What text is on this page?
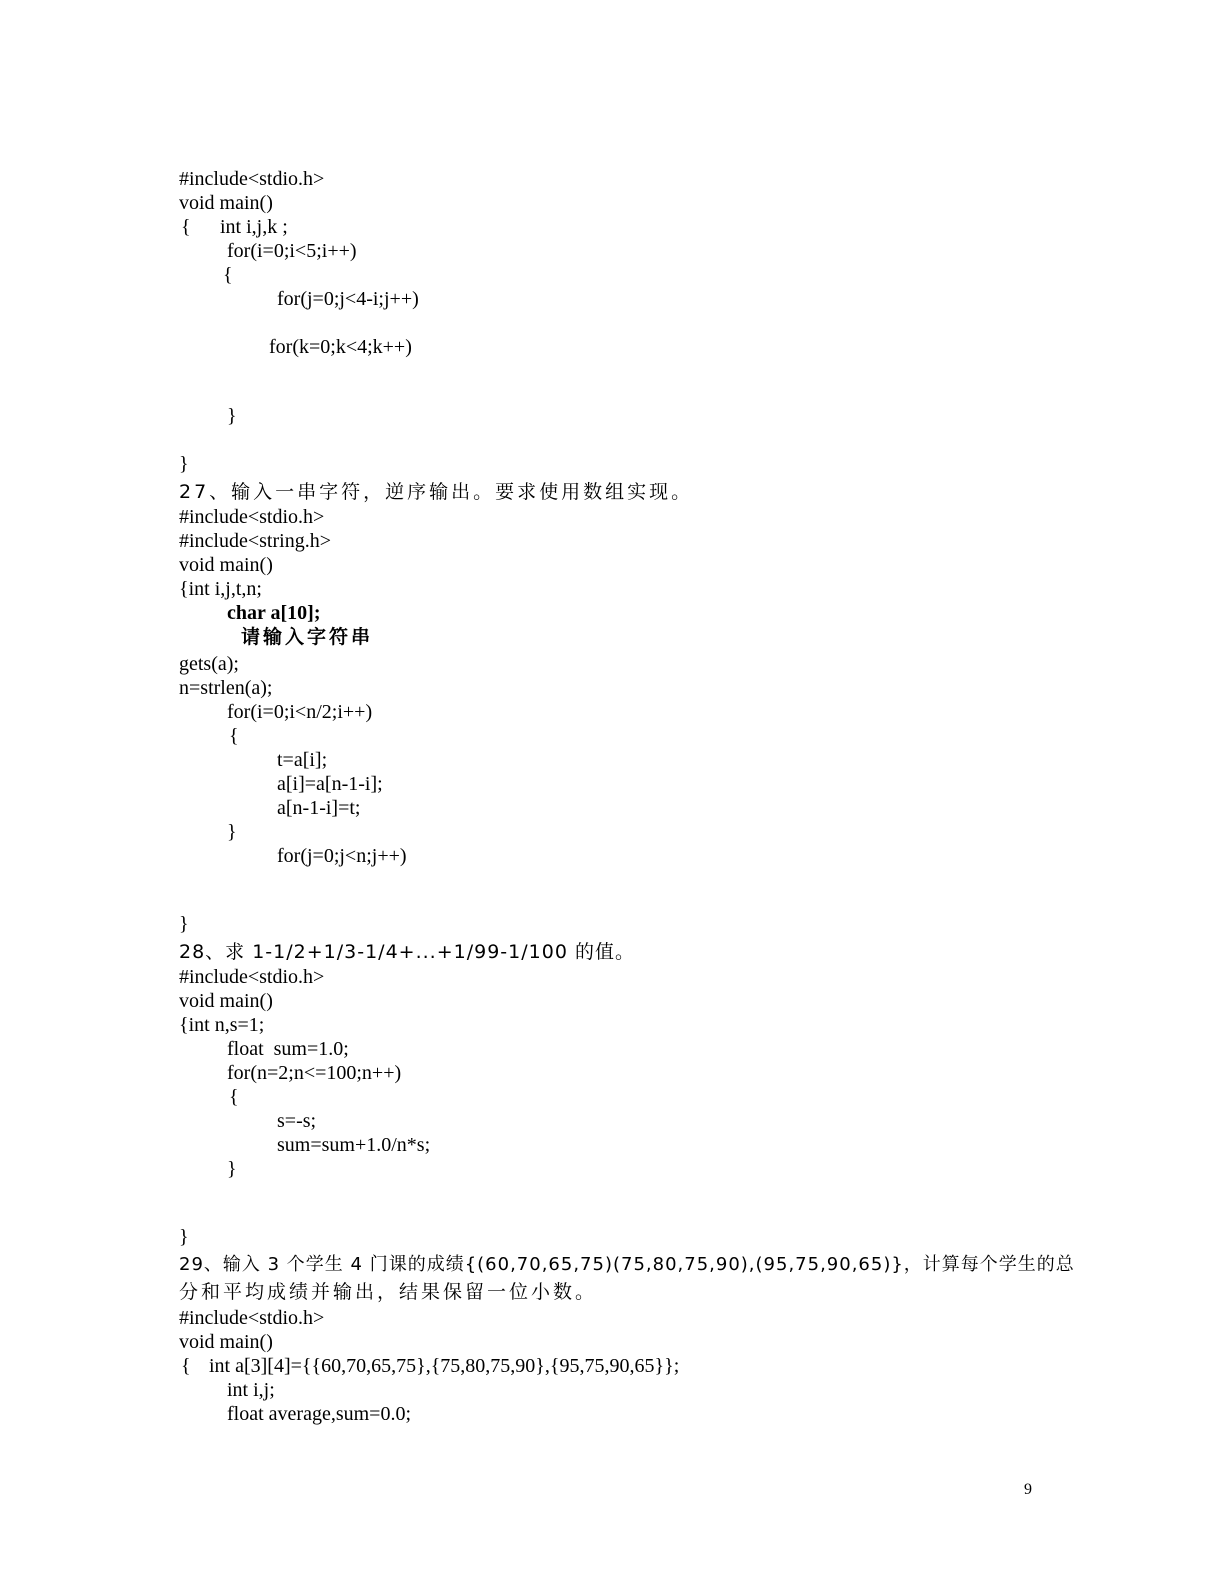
#include<stdio.h>
void main()
{ int i,j,k ;
for(i=0;i<5;i++)
{
for(j=0;j<4-i;j++)
for(k=0;k<4;k++)
}
}
27、输入一串字符，逆序输出。要求使用数组实现。
#include<stdio.h>
#include<string.h>
void main()
{int i,j,t,n;
char a[10];
请输入字符串
gets(a);
n=strlen(a);
for(i=0;i<n/2;i++)
{
t=a[i];
a[i]=a[n-1-i];
a[n-1-i]=t;
}
for(j=0;j<n;j++)
}
28、求 1-1/2+1/3-1/4+...+1/99-1/100 的值。
#include<stdio.h>
void main()
{int n,s=1;
float  sum=1.0;
for(n=2;n<=100;n++)
{
s=-s;
sum=sum+1.0/n*s;
}
}
29、输入 3 个学生 4 门课的成绩{(60,70,65,75)(75,80,75,90),(95,75,90,65)}，计算每个学生的总
分和平均成绩并输出，结果保留一位小数。
#include<stdio.h>
void main()
{ int a[3][4]={{60,70,65,75},{75,80,75,90},{95,75,90,65}};
int i,j;
float average,sum=0.0;
9
